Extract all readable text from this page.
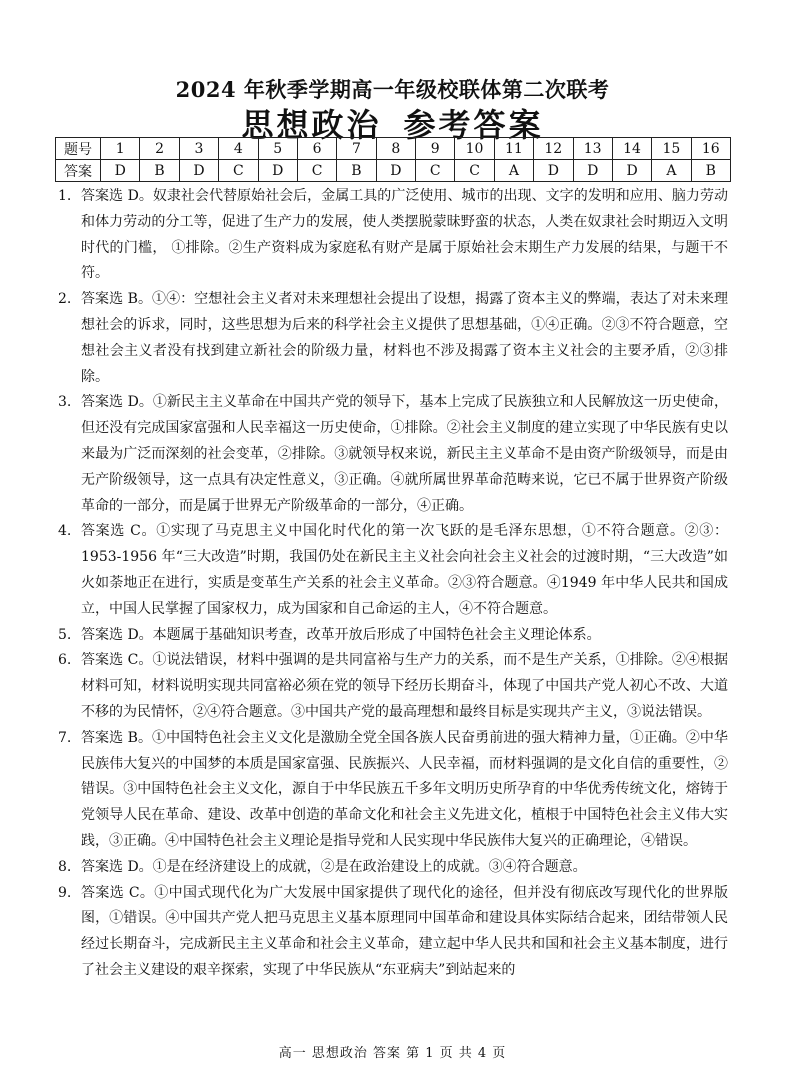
2024 年秋季学期高一年级校联体第二次联考
思想政治 参考答案
题号	1	2	3	4	5	6	7	8	9	10	11	12	13	14	15	16
答案	D	B	D	C	D	C	B	D	C	C	A	D	D	D	A	B
1. 答案选 D。奴隶社会代替原始社会后，金属工具的广泛使用、城市的出现、文字的发明和应用、脑力劳动和体力劳动的分工等，促进了生产力的发展，使人类摆脱蒙昧野蛮的状态，人类在奴隶社会时期迈入文明时代的门槛， ①排除。②生产资料成为家庭私有财产是属于原始社会末期生产力发展的结果，与题干不符。
2. 答案选 B。①④：空想社会主义者对未来理想社会提出了设想，揭露了资本主义的弊端，表达了对未来理想社会的诉求，同时，这些思想为后来的科学社会主义提供了思想基础，①④正确。②③不符合题意，空想社会主义者没有找到建立新社会的阶级力量，材料也不涉及揭露了资本主义社会的主要矛盾，②③排除。
3. 答案选 D。①新民主主义革命在中国共产党的领导下，基本上完成了民族独立和人民解放这一历史使命，但还没有完成国家富强和人民幸福这一历史使命，①排除。②社会主义制度的建立实现了中华民族有史以来最为广泛而深刻的社会变革，②排除。③就领导权来说，新民主主义革命不是由资产阶级领导，而是由无产阶级领导，这一点具有决定性意义，③正确。④就所属世界革命范畴来说，它已不属于世界资产阶级革命的一部分，而是属于世界无产阶级革命的一部分，④正确。
4. 答案选 C。①实现了马克思主义中国化时代化的第一次飞跃的是毛泽东思想，①不符合题意。②③：1953-1956 年“三大改造”时期，我国仍处在新民主主义社会向社会主义社会的过渡时期，“三大改造”如火如荼地正在进行，实质是变革生产关系的社会主义革命。②③符合题意。④1949 年中华人民共和国成立，中国人民掌握了国家权力，成为国家和自己命运的主人，④不符合题意。
5. 答案选 D。本题属于基础知识考查，改革开放后形成了中国特色社会主义理论体系。
6. 答案选 C。①说法错误，材料中强调的是共同富裕与生产力的关系，而不是生产关系，①排除。②④根据材料可知，材料说明实现共同富裕必须在党的领导下经历长期奋斗，体现了中国共产党人初心不改、大道不移的为民情怀，②④符合题意。③中国共产党的最高理想和最终目标是实现共产主义，③说法错误。
7. 答案选 B。①中国特色社会主义文化是激励全党全国各族人民奋勇前进的强大精神力量，①正确。②中华民族伟大复兴的中国梦的本质是国家富强、民族振兴、人民幸福，而材料强调的是文化自信的重要性，②错误。③中国特色社会主义文化，源自于中华民族五千多年文明历史所孕育的中华优秀传统文化，熔铸于党领导人民在革命、建设、改革中创造的革命文化和社会主义先进文化，植根于中国特色社会主义伟大实践，③正确。④中国特色社会主义理论是指导党和人民实现中华民族伟大复兴的正确理论，④错误。
8. 答案选 D。①是在经济建设上的成就，②是在政治建设上的成就。③④符合题意。
9. 答案选 C。①中国式现代化为广大发展中国家提供了现代化的途径，但并没有彻底改写现代化的世界版图，①错误。④中国共产党人把马克思主义基本原理同中国革命和建设具体实际结合起来，团结带领人民经过长期奋斗，完成新民主主义革命和社会主义革命，建立起中华人民共和国和社会主义基本制度，进行了社会主义建设的艰辛探索，实现了中华民族从“东亚病夫”到站起来的
高一 思想政治 答案 第 1 页 共 4 页
